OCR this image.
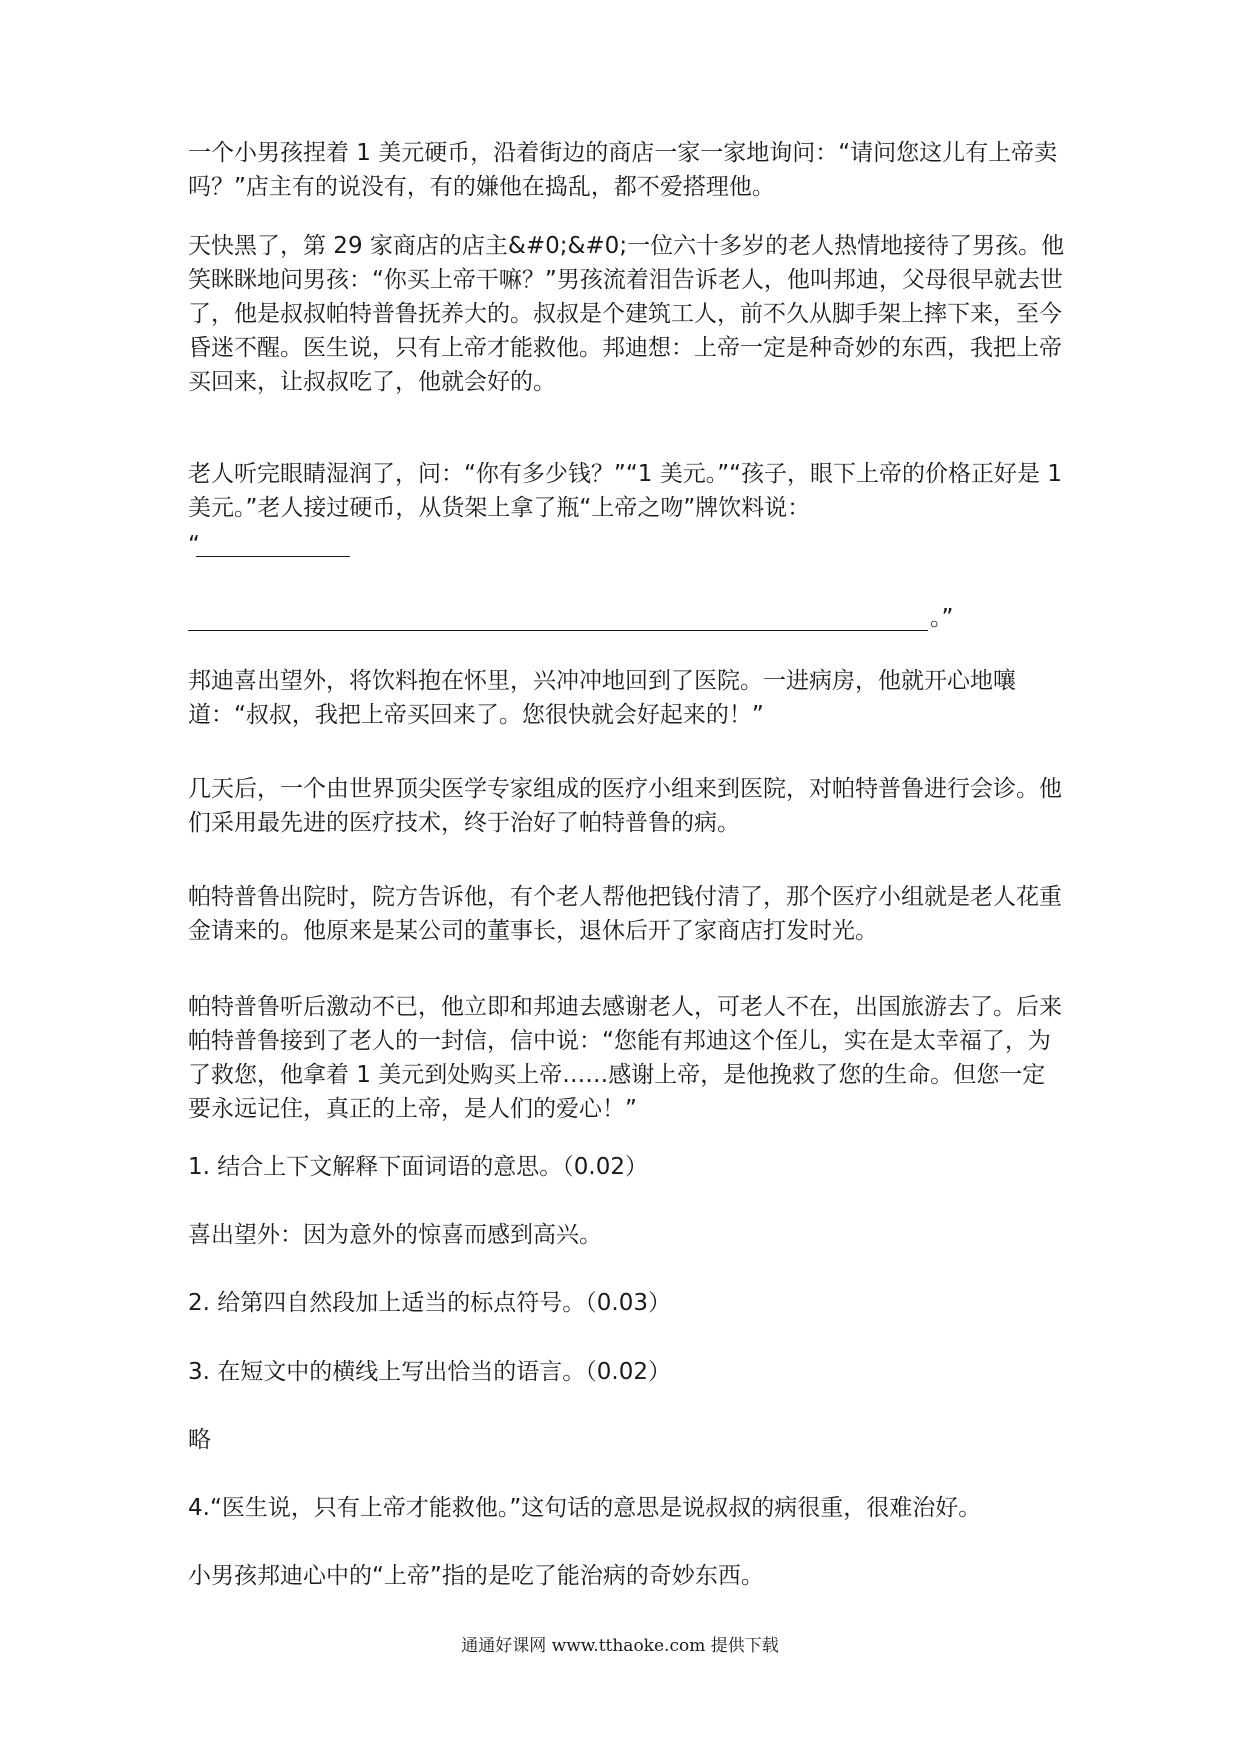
一个小男孩捏着 1 美元硬币，沿着街边的商店一家一家地询问：“请问您这儿有上帝卖吗？”店主有的说没有，有的嫌他在捣乱，都不爱搭理他。

天快黑了，第 29 家商店的店主&#0;&#0;一位六十多岁的老人热情地接待了男孩。他笑眯眯地问男孩：“你买上帝干嘛？”男孩流着泪告诉老人，他叫邦迪，父母很早就去世了，他是叔叔帕特普鲁抚养大的。叔叔是个建筑工人，前不久从脚手架上摔下来，至今昏迷不醒。医生说，只有上帝才能救他。邦迪想：上帝一定是种奇妙的东西，我把上帝买回来，让叔叔吃了，他就会好的。

老人听完眼睛湿润了，问：“你有多少钱？”“1 美元。”“孩子，眼下上帝的价格正好是 1 美元。”老人接过硬币，从货架上拿了瓶“上帝之吻”牌饮料说：

“
。”

邦迪喜出望外，将饮料抱在怀里，兴冲冲地回到了医院。一进病房，他就开心地嚷道：“叔叔，我把上帝买回来了。您很快就会好起来的！”

几天后，一个由世界顶尖医学专家组成的医疗小组来到医院，对帕特普鲁进行会诊。他们采用最先进的医疗技术，终于治好了帕特普鲁的病。

帕特普鲁出院时，院方告诉他，有个老人帮他把钱付清了，那个医疗小组就是老人花重金请来的。他原来是某公司的董事长，退休后开了家商店打发时光。

帕特普鲁听后激动不已，他立即和邦迪去感谢老人，可老人不在，出国旅游去了。后来帕特普鲁接到了老人的一封信，信中说：“您能有邦迪这个侄儿，实在是太幸福了，为了救您，他拿着 1 美元到处购买上帝……感谢上帝，是他挽救了您的生命。但您一定要永远记住，真正的上帝，是人们的爱心！”

1. 结合上下文解释下面词语的意思。（0.02）

喜出望外：因为意外的惊喜而感到高兴。

2. 给第四自然段加上适当的标点符号。（0.03）

3. 在短文中的横线上写出恰当的语言。（0.02）

略

4.“医生说，只有上帝才能救他。”这句话的意思是说叔叔的病很重，很难治好。

小男孩邦迪心中的“上帝”指的是吃了能治病的奇妙东西。

通通好课网 www.tthaoke.com 提供下载
